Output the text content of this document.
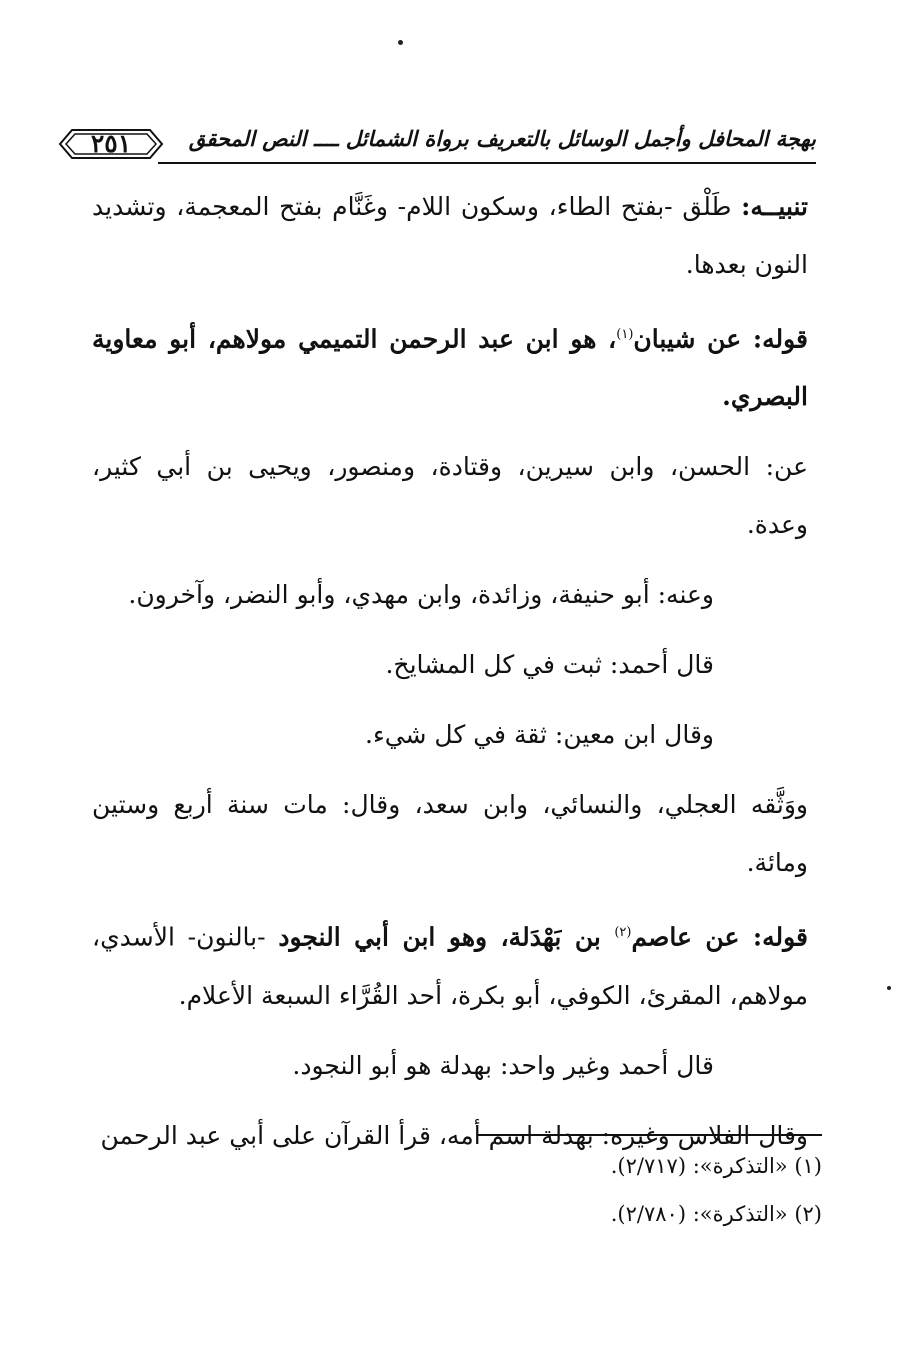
٢٥١	بهجة المحافل وأجمل الوسائل بالتعريف برواة الشمائل ــــ النص المحقق

تنبيــه: طَلْق -بفتح الطاء، وسكون اللام- وغَنَّام بفتح المعجمة، وتشديد النون بعدها.

قوله: عن شيبان$^{(١)}$، هو ابن عبد الرحمن التميمي مولاهم، أبو معاوية البصري.

عن: الحسن، وابن سيرين، وقتادة، ومنصور، ويحيى بن أبي كثير، وعدة.

وعنه: أبو حنيفة، وزائدة، وابن مهدي، وأبو النضر، وآخرون.

قال أحمد: ثبت في كل المشايخ.

وقال ابن معين: ثقة في كل شيء.

ووَثَّقه العجلي، والنسائي، وابن سعد، وقال: مات سنة أربع وستين ومائة.

قوله: عن عاصم$^{(٢)}$ بن بَهْدَلة، وهو ابن أبي النجود -بالنون- الأسدي، مولاهم، المقرئ، الكوفي، أبو بكرة، أحد القُرَّاء السبعة الأعلام.

قال أحمد وغير واحد: بهدلة هو أبو النجود.

وقال الفلاس وغيره: بهدلة اسم أمه، قرأ القرآن على أبي عبد الرحمن

(١) «التذكرة»: (٢/٧١٧).
(٢) «التذكرة»: (٢/٧٨٠).
